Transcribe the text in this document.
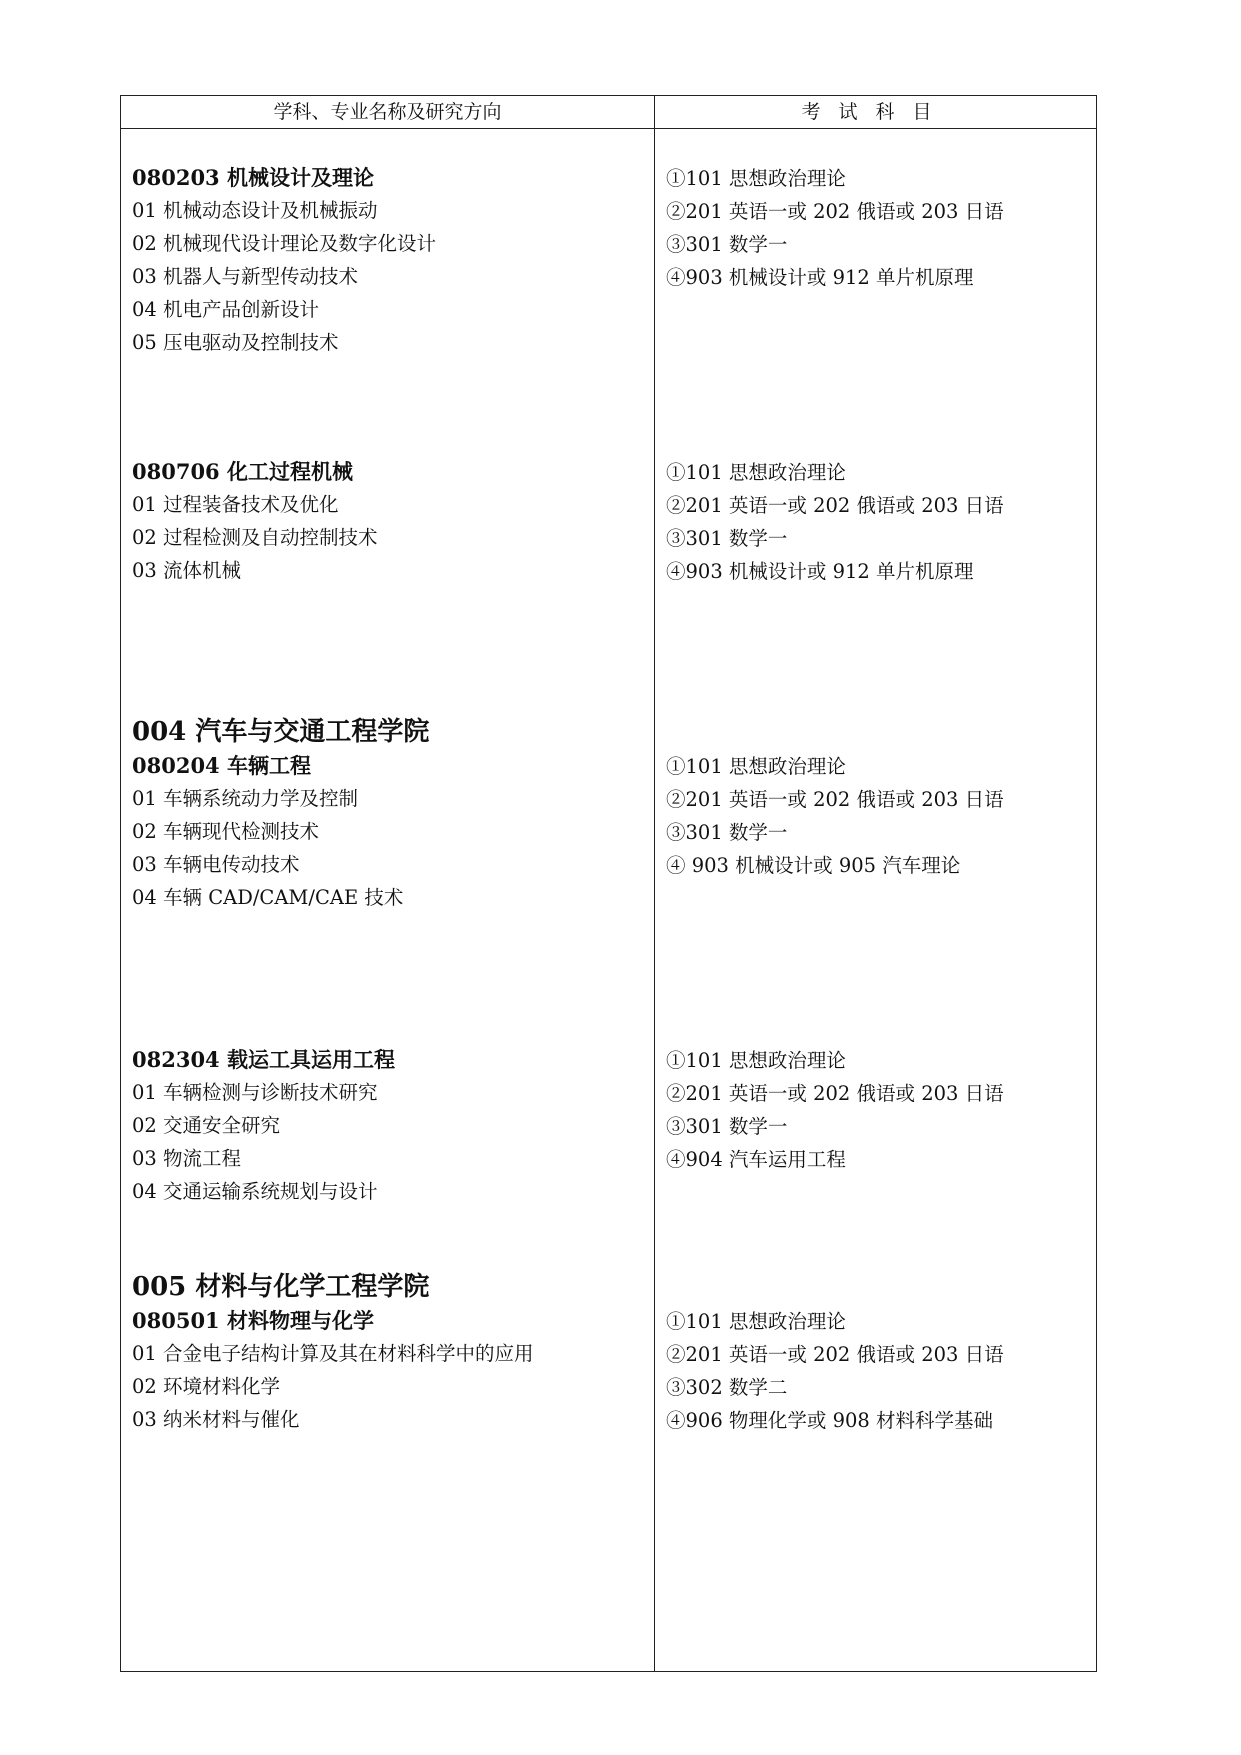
学科、专业名称及研究方向	考试科目
080203 机械设计及理论
01 机械动态设计及机械振动
02 机械现代设计理论及数字化设计
03 机器人与新型传动技术
04 机电产品创新设计
05 压电驱动及控制技术
①101 思想政治理论
②201 英语一或 202 俄语或 203 日语
③301 数学一
④903 机械设计或 912 单片机原理
080706 化工过程机械
01 过程装备技术及优化
02 过程检测及自动控制技术
03 流体机械
①101 思想政治理论
②201 英语一或 202 俄语或 203 日语
③301 数学一
④903 机械设计或 912 单片机原理
004 汽车与交通工程学院
080204 车辆工程
01 车辆系统动力学及控制
02 车辆现代检测技术
03 车辆电传动技术
04 车辆 CAD/CAM/CAE 技术
①101 思想政治理论
②201 英语一或 202 俄语或 203 日语
③301 数学一
④ 903 机械设计或 905 汽车理论
082304 载运工具运用工程
01 车辆检测与诊断技术研究
02 交通安全研究
03 物流工程
04 交通运输系统规划与设计
①101 思想政治理论
②201 英语一或 202 俄语或 203 日语
③301 数学一
④904 汽车运用工程
005 材料与化学工程学院
080501 材料物理与化学
01 合金电子结构计算及其在材料科学中的应用
02 环境材料化学
03 纳米材料与催化
①101 思想政治理论
②201 英语一或 202 俄语或 203 日语
③302 数学二
④906 物理化学或 908 材料科学基础
